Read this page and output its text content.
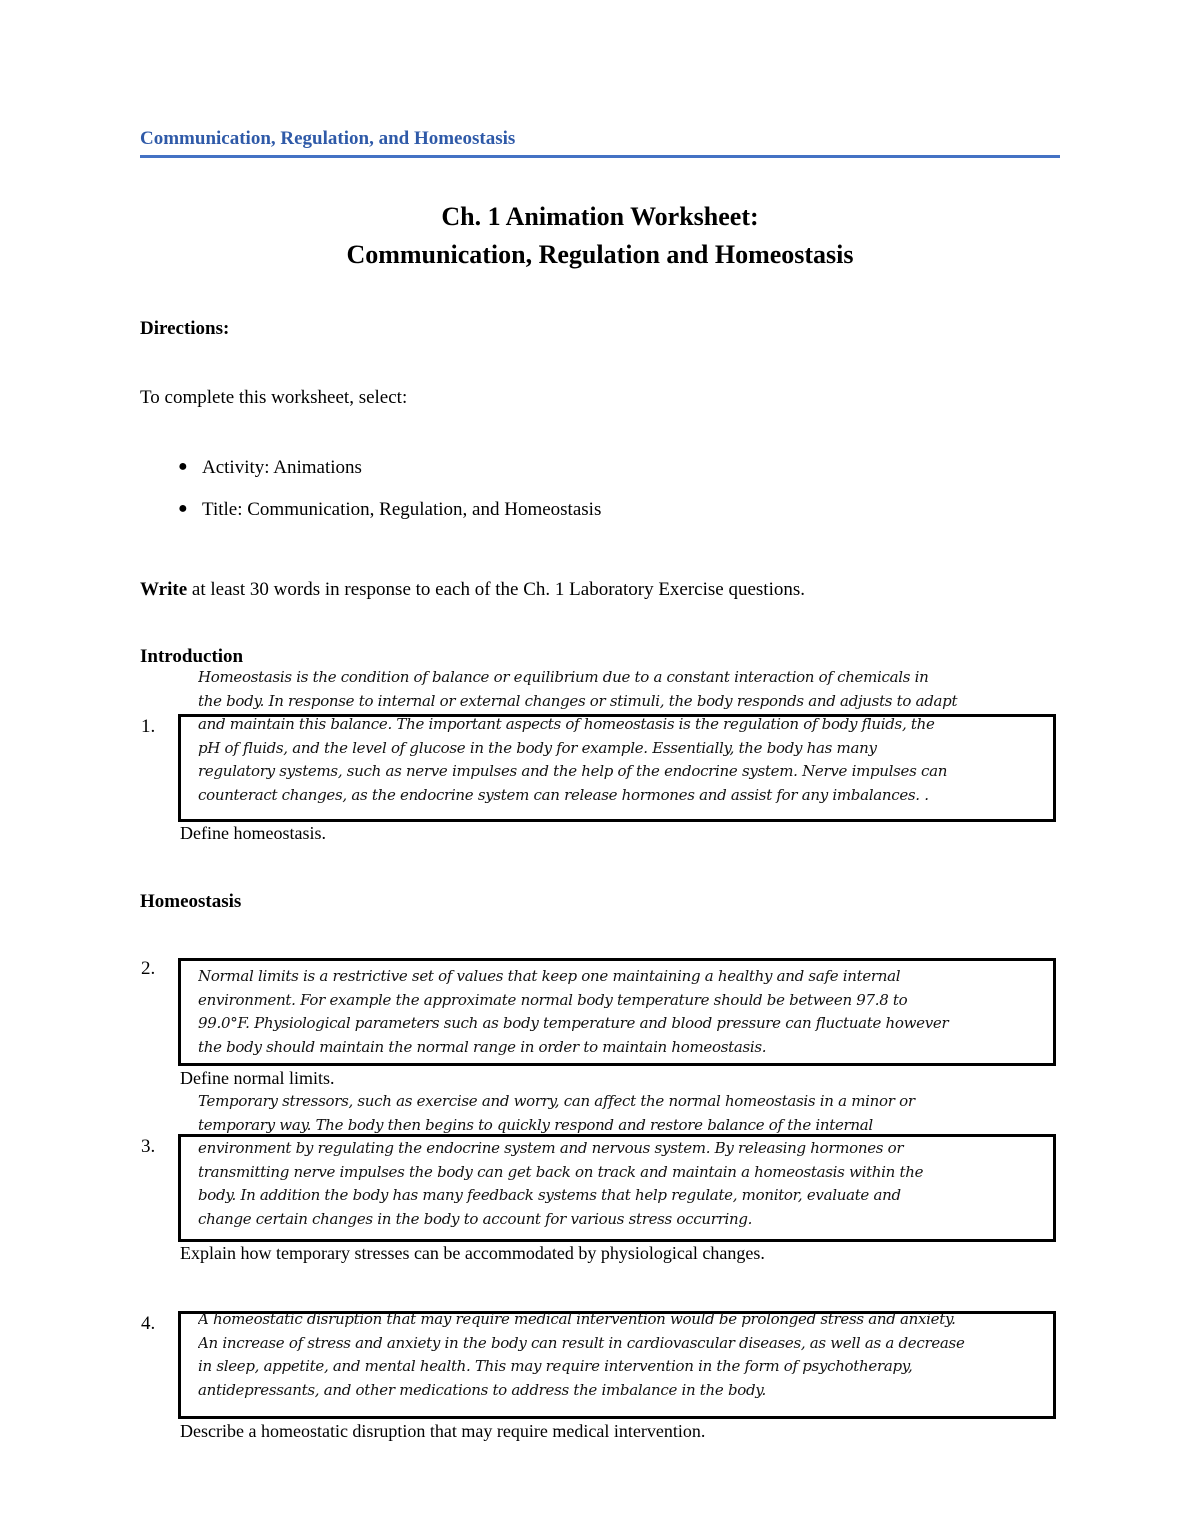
Communication, Regulation, and Homeostasis
Ch. 1 Animation Worksheet:
Communication, Regulation and Homeostasis
Directions:
To complete this worksheet, select:
● Activity: Animations
● Title: Communication, Regulation, and Homeostasis
Write at least 30 words in response to each of the Ch. 1 Laboratory Exercise questions.
Introduction
1.
Homeostasis is the condition of balance or equilibrium due to a constant interaction of chemicals in
the body. In response to internal or external changes or stimuli, the body responds and adjusts to adapt
and maintain this balance. The important aspects of homeostasis is the regulation of body fluids, the
pH of fluids, and the level of glucose in the body for example. Essentially, the body has many
regulatory systems, such as nerve impulses and the help of the endocrine system. Nerve impulses can
counteract changes, as the endocrine system can release hormones and assist for any imbalances. .
Define homeostasis.
Homeostasis
2.	Normal limits is a restrictive set of values that keep one maintaining a healthy and safe internal
environment. For example the approximate normal body temperature should be between 97.8 to
99.0°F. Physiological parameters such as body temperature and blood pressure can fluctuate however
the body should maintain the normal range in order to maintain homeostasis.
Define normal limits.
3.
Temporary stressors, such as exercise and worry, can affect the normal homeostasis in a minor or
temporary way. The body then begins to quickly respond and restore balance of the internal
environment by regulating the endocrine system and nervous system. By releasing hormones or
transmitting nerve impulses the body can get back on track and maintain a homeostasis within the
body. In addition the body has many feedback systems that help regulate, monitor, evaluate and
change certain changes in the body to account for various stress occurring.
Explain how temporary stresses can be accommodated by physiological changes.
4.	A homeostatic disruption that may require medical intervention would be prolonged stress and anxiety.
An increase of stress and anxiety in the body can result in cardiovascular diseases, as well as a decrease
in sleep, appetite, and mental health. This may require intervention in the form of psychotherapy,
antidepressants, and other medications to address the imbalance in the body.
Describe a homeostatic disruption that may require medical intervention.
